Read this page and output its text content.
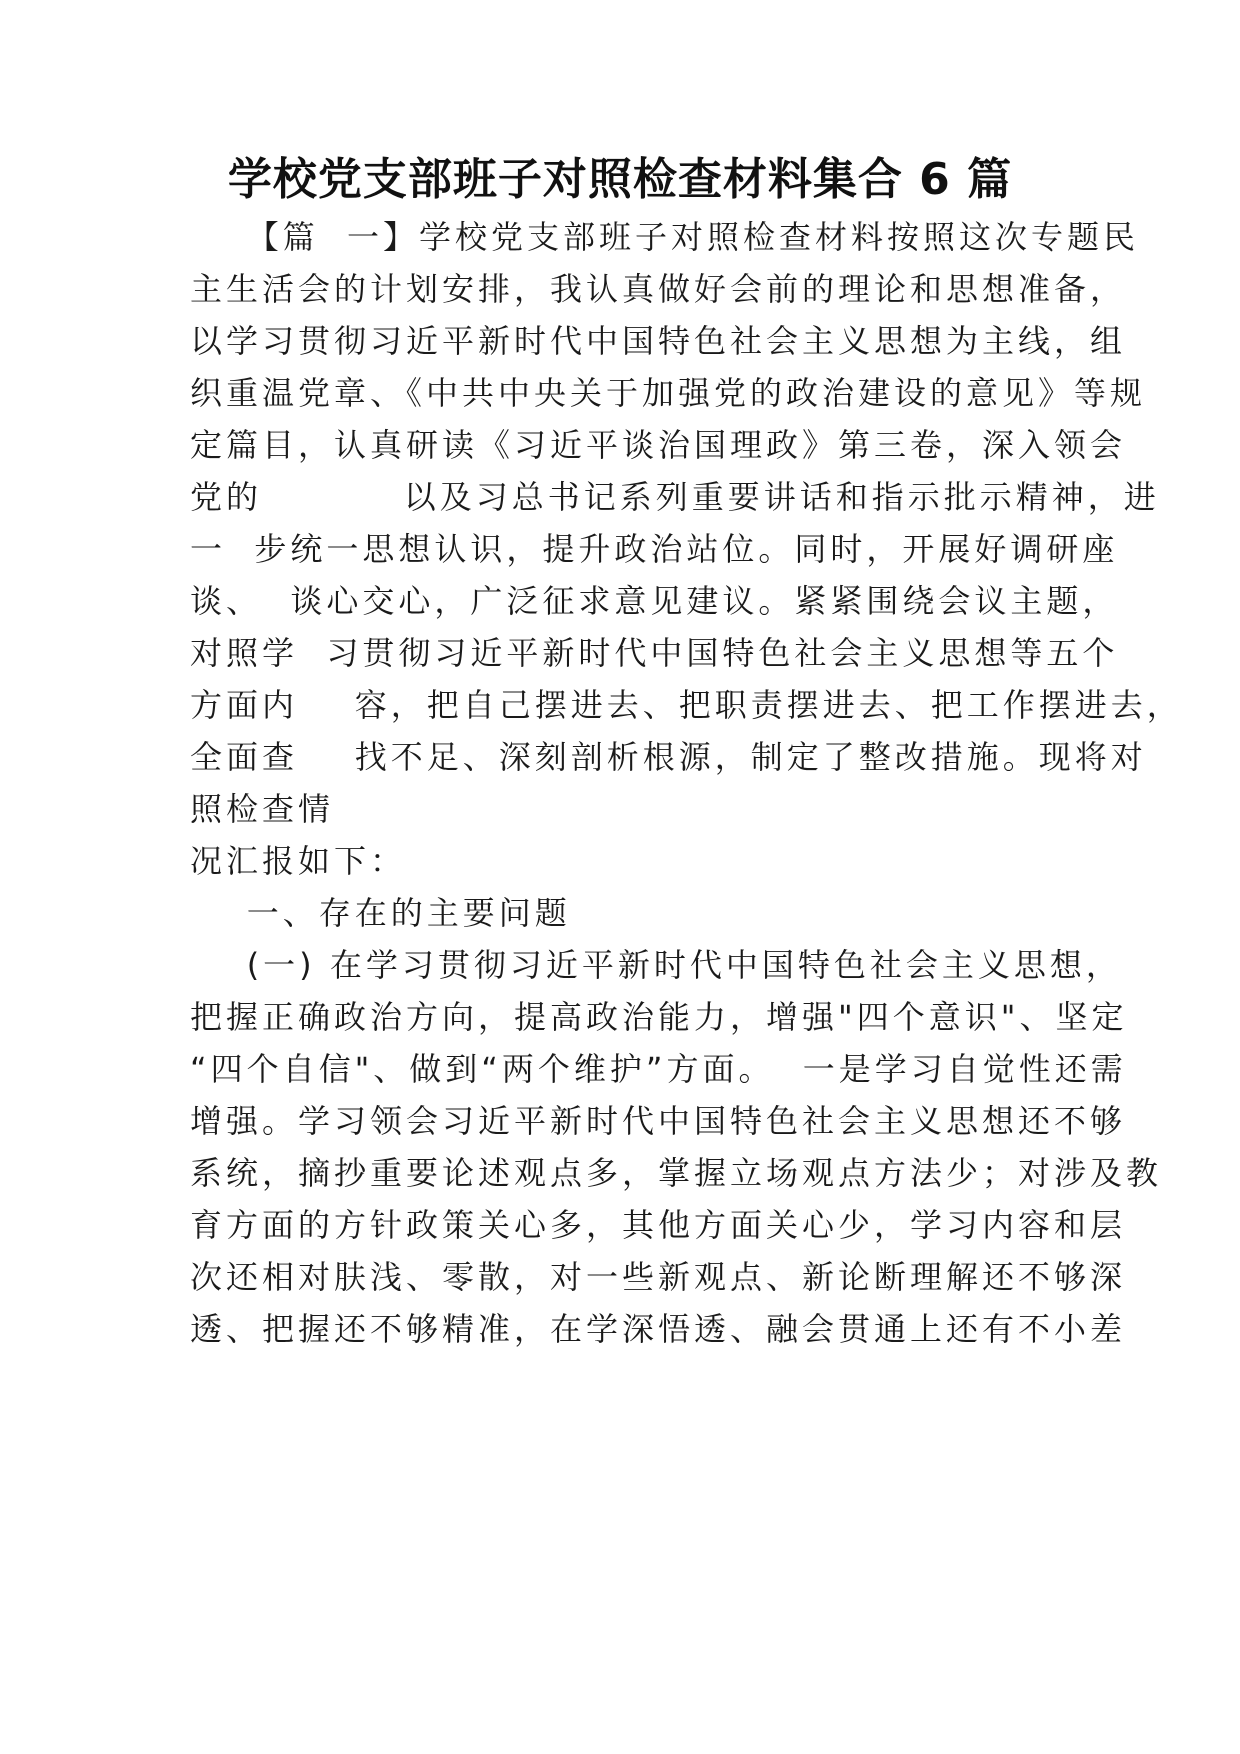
学校党支部班子对照检查材料集合 6 篇
【篇  一】学校党支部班子对照检查材料按照这次专题民
主生活会的计划安排，我认真做好会前的理论和思想准备，
以学习贯彻习近平新时代中国特色社会主义思想为主线，组
织重温党章、《中共中央关于加强党的政治建设的意见》等规
定篇目，认真研读《习近平谈治国理政》第三卷，深入领会
党的          以及习总书记系列重要讲话和指示批示精神，进
一  步统一思想认识，提升政治站位。同时，开展好调研座
谈、  谈心交心，广泛征求意见建议。紧紧围绕会议主题，
对照学  习贯彻习近平新时代中国特色社会主义思想等五个
方面内    容，把自己摆进去、把职责摆进去、把工作摆进去，
全面查    找不足、深刻剖析根源，制定了整改措施。现将对
照检查情
况汇报如下：
一、存在的主要问题
(一) 在学习贯彻习近平新时代中国特色社会主义思想，
把握正确政治方向，提高政治能力，增强"四个意识"、坚定
“四个自信"、做到“两个维护”方面。  一是学习自觉性还需
增强。学习领会习近平新时代中国特色社会主义思想还不够
系统，摘抄重要论述观点多，掌握立场观点方法少；对涉及教
育方面的方针政策关心多，其他方面关心少，学习内容和层
次还相对肤浅、零散，对一些新观点、新论断理解还不够深
透、把握还不够精准，在学深悟透、融会贯通上还有不小差
